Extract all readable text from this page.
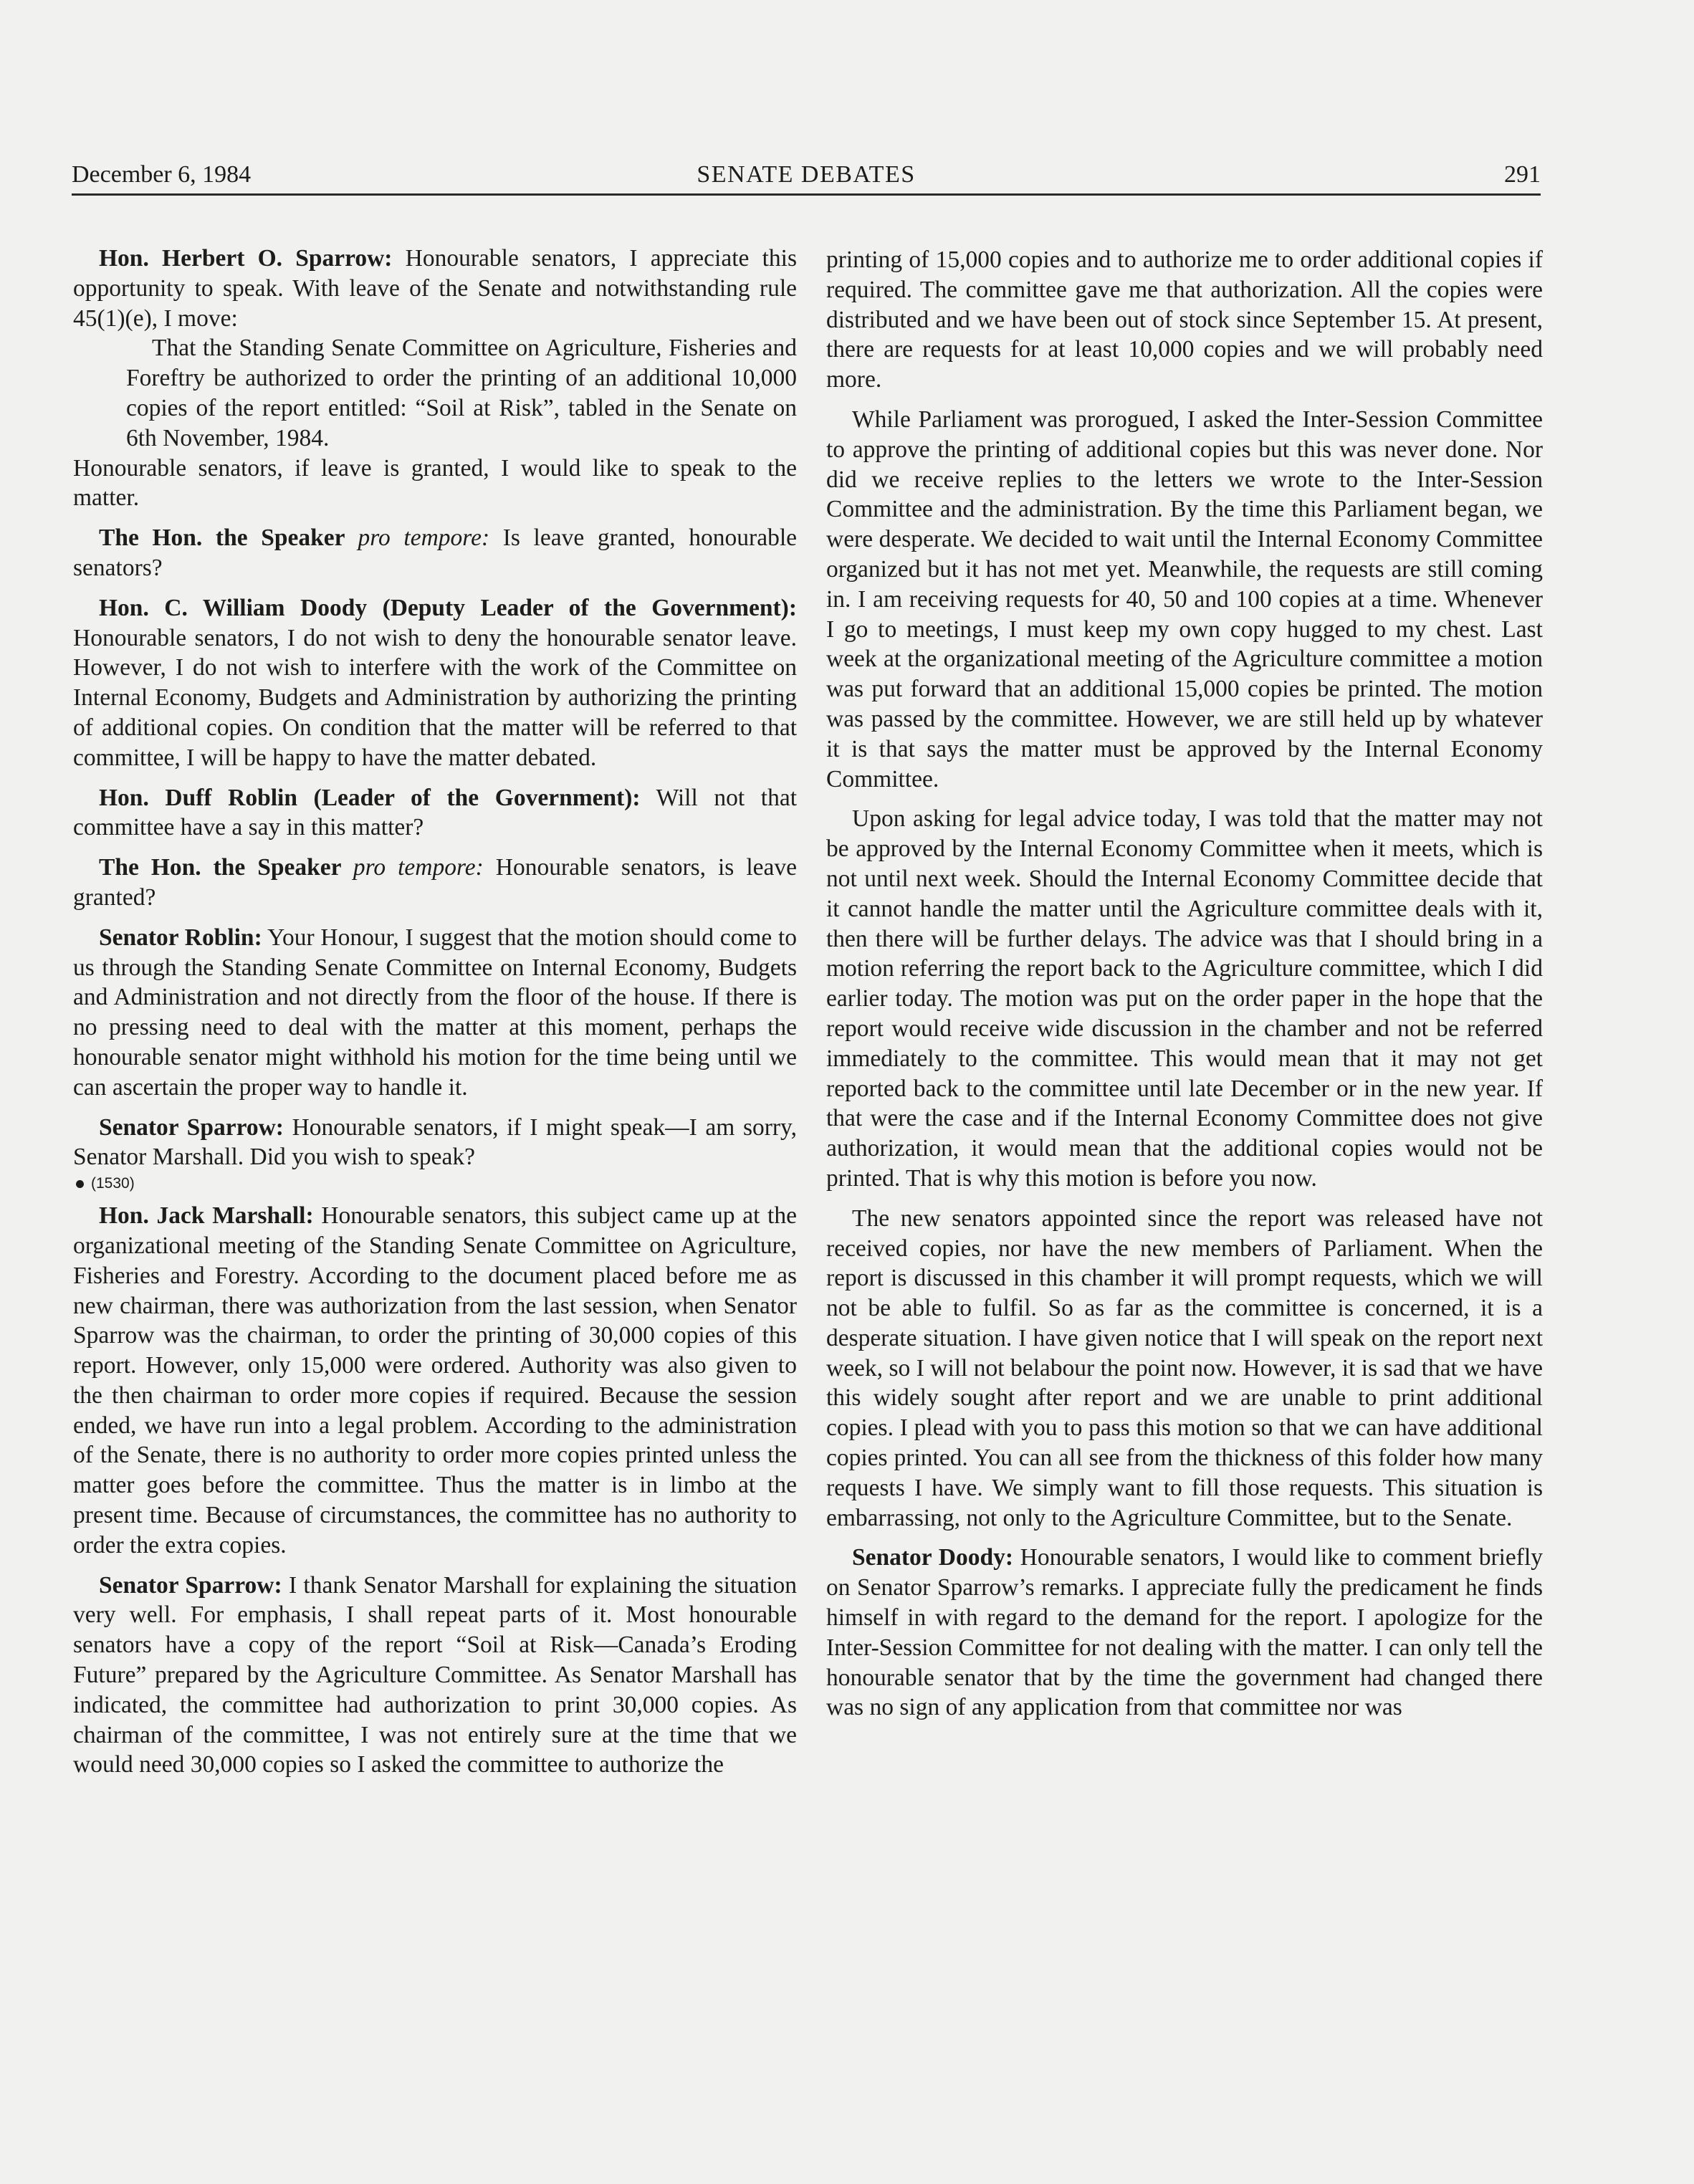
December 6, 1984	SENATE DEBATES	291

Hon. Herbert O. Sparrow: Honourable senators, I appreciate this opportunity to speak. With leave of the Senate and notwithstanding rule 45(1)(e), I move:

That the Standing Senate Committee on Agriculture, Fisheries and Foreftry be authorized to order the printing of an additional 10,000 copies of the report entitled: “Soil at Risk”, tabled in the Senate on 6th November, 1984.

Honourable senators, if leave is granted, I would like to speak to the matter.

The Hon. the Speaker pro tempore: Is leave granted, honourable senators?

Hon. C. William Doody (Deputy Leader of the Government): Honourable senators, I do not wish to deny the honourable senator leave. However, I do not wish to interfere with the work of the Committee on Internal Economy, Budgets and Administration by authorizing the printing of additional copies. On condition that the matter will be referred to that committee, I will be happy to have the matter debated.

Hon. Duff Roblin (Leader of the Government): Will not that committee have a say in this matter?

The Hon. the Speaker pro tempore: Honourable senators, is leave granted?

Senator Roblin: Your Honour, I suggest that the motion should come to us through the Standing Senate Committee on Internal Economy, Budgets and Administration and not directly from the floor of the house. If there is no pressing need to deal with the matter at this moment, perhaps the honourable senator might withhold his motion for the time being until we can ascertain the proper way to handle it.

Senator Sparrow: Honourable senators, if I might speak—I am sorry, Senator Marshall. Did you wish to speak?

(1530)

Hon. Jack Marshall: Honourable senators, this subject came up at the organizational meeting of the Standing Senate Committee on Agriculture, Fisheries and Forestry. According to the document placed before me as new chairman, there was authorization from the last session, when Senator Sparrow was the chairman, to order the printing of 30,000 copies of this report. However, only 15,000 were ordered. Authority was also given to the then chairman to order more copies if required. Because the session ended, we have run into a legal problem. According to the administration of the Senate, there is no authority to order more copies printed unless the matter goes before the committee. Thus the matter is in limbo at the present time. Because of circumstances, the committee has no authority to order the extra copies.

Senator Sparrow: I thank Senator Marshall for explaining the situation very well. For emphasis, I shall repeat parts of it. Most honourable senators have a copy of the report “Soil at Risk—Canada’s Eroding Future” prepared by the Agriculture Committee. As Senator Marshall has indicated, the committee had authorization to print 30,000 copies. As chairman of the committee, I was not entirely sure at the time that we would need 30,000 copies so I asked the committee to authorize the

printing of 15,000 copies and to authorize me to order additional copies if required. The committee gave me that authorization. All the copies were distributed and we have been out of stock since September 15. At present, there are requests for at least 10,000 copies and we will probably need more.

While Parliament was prorogued, I asked the Inter-Session Committee to approve the printing of additional copies but this was never done. Nor did we receive replies to the letters we wrote to the Inter-Session Committee and the administration. By the time this Parliament began, we were desperate. We decided to wait until the Internal Economy Committee organized but it has not met yet. Meanwhile, the requests are still coming in. I am receiving requests for 40, 50 and 100 copies at a time. Whenever I go to meetings, I must keep my own copy hugged to my chest. Last week at the organizational meeting of the Agriculture committee a motion was put forward that an additional 15,000 copies be printed. The motion was passed by the committee. However, we are still held up by whatever it is that says the matter must be approved by the Internal Economy Committee.

Upon asking for legal advice today, I was told that the matter may not be approved by the Internal Economy Committee when it meets, which is not until next week. Should the Internal Economy Committee decide that it cannot handle the matter until the Agriculture committee deals with it, then there will be further delays. The advice was that I should bring in a motion referring the report back to the Agriculture committee, which I did earlier today. The motion was put on the order paper in the hope that the report would receive wide discussion in the chamber and not be referred immediately to the committee. This would mean that it may not get reported back to the committee until late December or in the new year. If that were the case and if the Internal Economy Committee does not give authorization, it would mean that the additional copies would not be printed. That is why this motion is before you now.

The new senators appointed since the report was released have not received copies, nor have the new members of Parliament. When the report is discussed in this chamber it will prompt requests, which we will not be able to fulfil. So as far as the committee is concerned, it is a desperate situation. I have given notice that I will speak on the report next week, so I will not belabour the point now. However, it is sad that we have this widely sought after report and we are unable to print additional copies. I plead with you to pass this motion so that we can have additional copies printed. You can all see from the thickness of this folder how many requests I have. We simply want to fill those requests. This situation is embarrassing, not only to the Agriculture Committee, but to the Senate.

Senator Doody: Honourable senators, I would like to comment briefly on Senator Sparrow’s remarks. I appreciate fully the predicament he finds himself in with regard to the demand for the report. I apologize for the Inter-Session Committee for not dealing with the matter. I can only tell the honourable senator that by the time the government had changed there was no sign of any application from that committee nor was
